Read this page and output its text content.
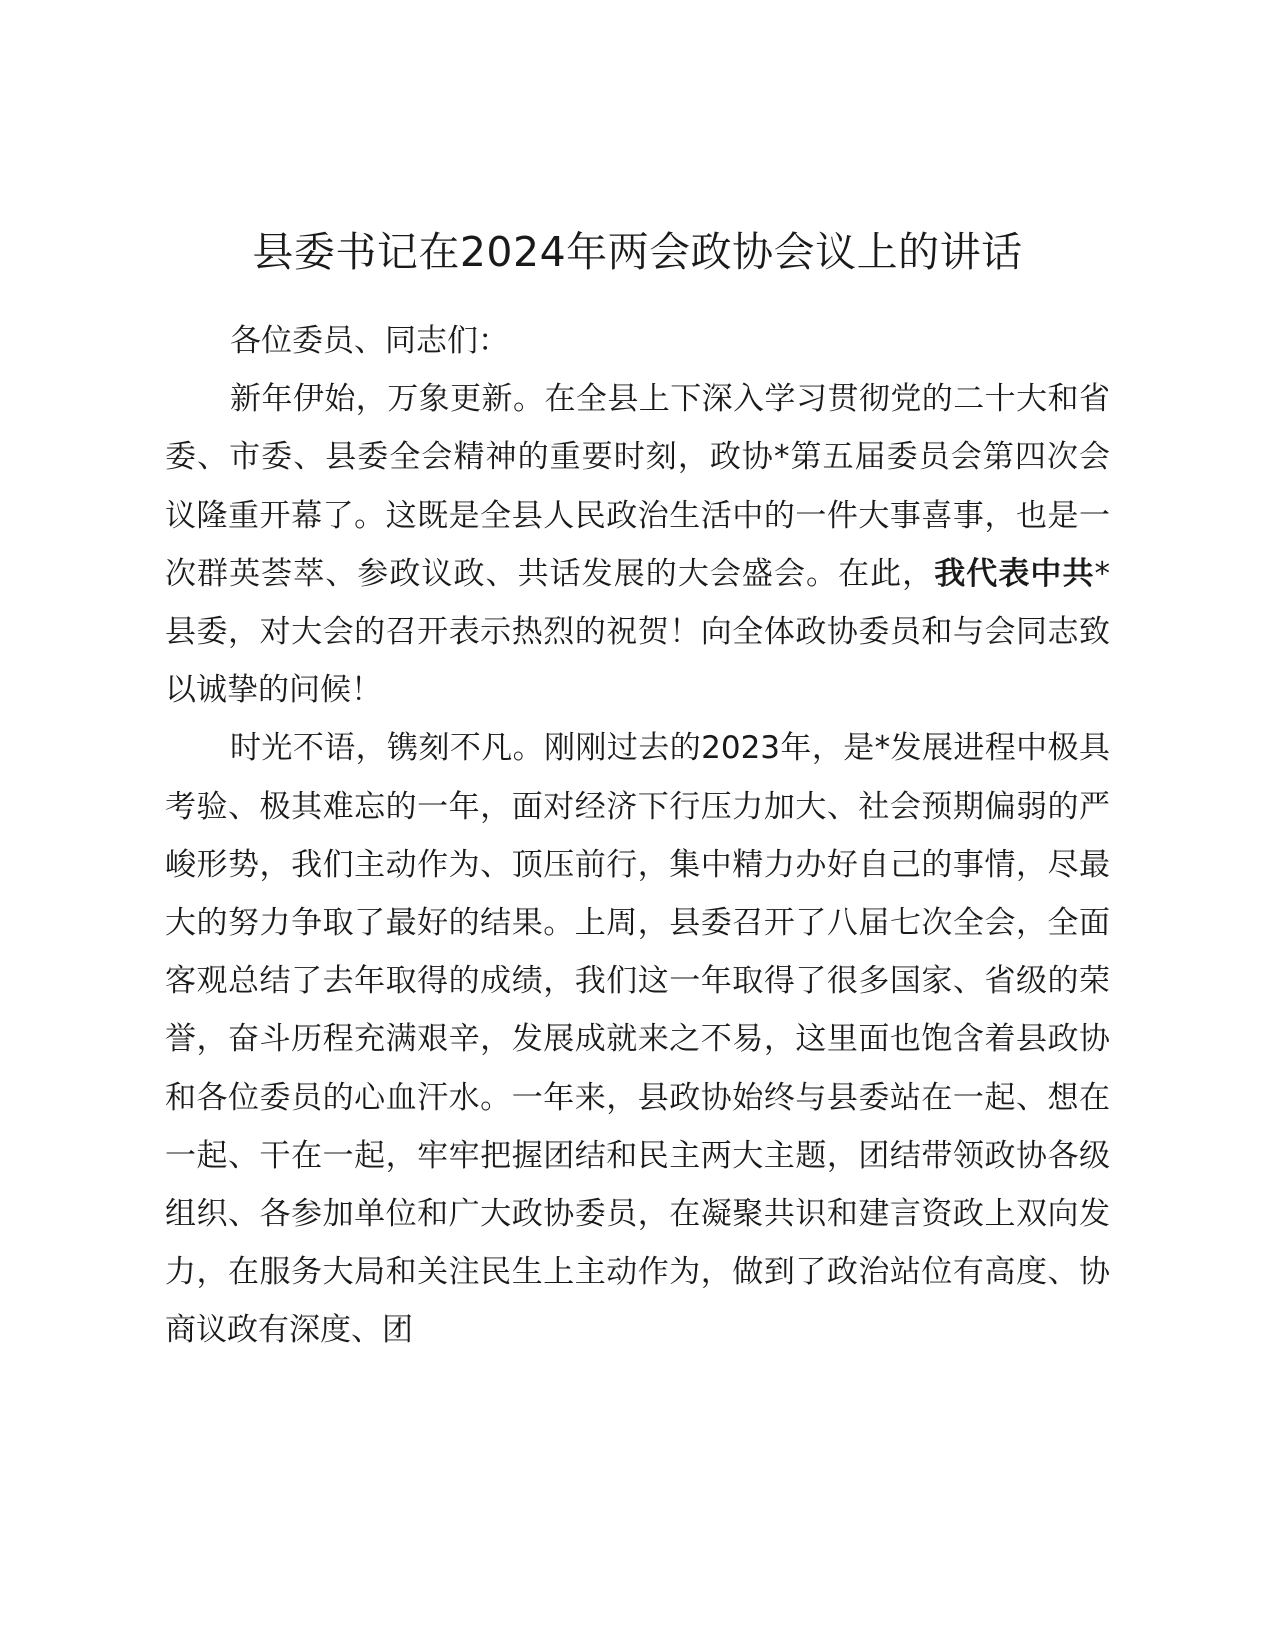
县委书记在2024年两会政协会议上的讲话

各位委员、同志们：

新年伊始，万象更新。在全县上下深入学习贯彻党的二十大和省委、市委、县委全会精神的重要时刻，政协*第五届委员会第四次会议隆重开幕了。这既是全县人民政治生活中的一件大事喜事，也是一次群英荟萃、参政议政、共话发展的大会盛会。在此，我代表中共*县委，对大会的召开表示热烈的祝贺！向全体政协委员和与会同志致以诚挚的问候！

时光不语，镌刻不凡。刚刚过去的2023年，是*发展进程中极具考验、极其难忘的一年，面对经济下行压力加大、社会预期偏弱的严峻形势，我们主动作为、顶压前行，集中精力办好自己的事情，尽最大的努力争取了最好的结果。上周，县委召开了八届七次全会，全面客观总结了去年取得的成绩，我们这一年取得了很多国家、省级的荣誉，奋斗历程充满艰辛，发展成就来之不易，这里面也饱含着县政协和各位委员的心血汗水。一年来，县政协始终与县委站在一起、想在一起、干在一起，牢牢把握团结和民主两大主题，团结带领政协各级组织、各参加单位和广大政协委员，在凝聚共识和建言资政上双向发力，在服务大局和关注民生上主动作为，做到了政治站位有高度、协商议政有深度、团
